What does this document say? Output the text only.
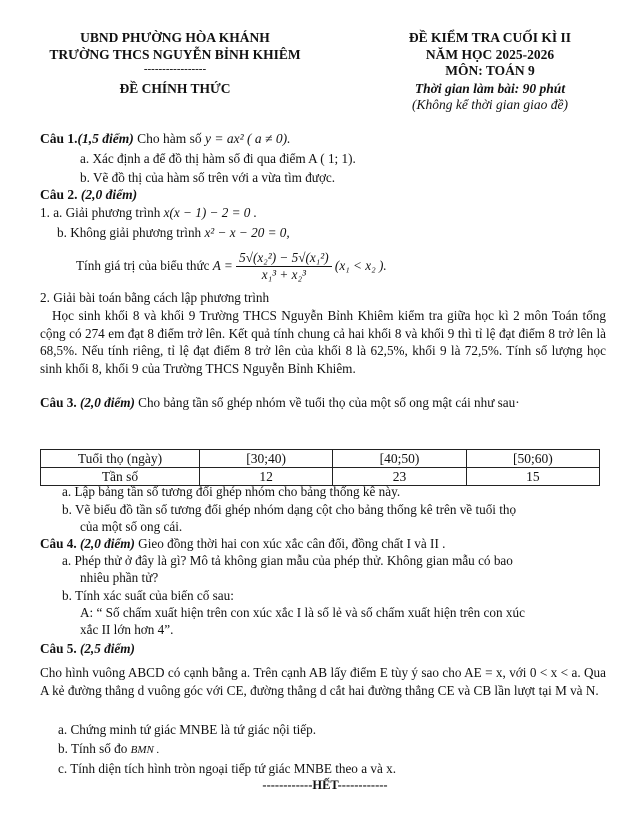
UBND PHƯỜNG HÒA KHÁNH
TRƯỜNG THCS NGUYỄN BỈNH KHIÊM
-----------------
ĐỀ CHÍNH THỨC
ĐỀ KIỂM TRA CUỐI KÌ II
NĂM HỌC 2025-2026
MÔN: TOÁN 9
Thời gian làm bài: 90 phút
(Không kể thời gian giao đề)
Câu 1.(1,5 điểm) Cho hàm số y = ax² ( a ≠ 0).
a. Xác định a để đồ thị hàm số đi qua điểm A ( 1; 1).
b. Vẽ đồ thị của hàm số trên với a vừa tìm được.
Câu 2. (2,0 điểm)
1. a. Giải phương trình x(x − 1) − 2 = 0 .
b. Không giải phương trình x² − x − 20 = 0,
Tính giá trị của biểu thức $A = \frac{\text{5√(x₂²) − 5√(x₁²)}}{\text{x₁³ + x₂³}} (x_1 < x_2$ ).
2. Giải bài toán bằng cách lập phương trình
Học sinh khối 8 và khối 9 Trường THCS Nguyễn Bỉnh Khiêm kiểm tra giữa học kì 2 môn Toán tổng cộng có 274 em đạt 8 điểm trở lên. Kết quả tính chung cả hai khối 8 và khối 9 thì tỉ lệ đạt điểm 8 trở lên là 68,5%. Nếu tính riêng, tỉ lệ đạt điểm 8 trở lên của khối 8 là 62,5%, khối 9 là 72,5%. Tính số lượng học sinh khối 8, khối 9 của Trường THCS Nguyễn Bỉnh Khiêm.
Câu 3. (2,0 điểm) Cho bảng tần số ghép nhóm về tuổi thọ của một số ong mật cái như sau·
Tuổi thọ (ngày)	[30;40)	[40;50)	[50;60)
Tần số	12	23	15
a. Lập bảng tần số tương đối ghép nhóm cho bảng thống kê này.
b. Vẽ biểu đồ tần số tương đối ghép nhóm dạng cột cho bảng thống kê trên về tuổi thọ
của một số ong cái.
Câu 4. (2,0 điểm) Gieo đồng thời hai con xúc xắc cân đối, đồng chất I và II .
a. Phép thử ở đây là gì? Mô tả không gian mẫu của phép thử. Không gian mẫu có bao
nhiêu phần tử?
b. Tính xác suất của biến cố sau:
A: “ Số chấm xuất hiện trên con xúc xắc I là số lẻ và số chấm xuất hiện trên con xúc
xắc II lớn hơn 4”.
Câu 5. (2,5 điểm)
Cho hình vuông ABCD có cạnh bằng a. Trên cạnh AB lấy điểm E tùy ý sao cho AE = x, với 0 < x < a. Qua A kẻ đường thẳng d vuông góc với CE, đường thẳng d cắt hai đường thẳng CE và CB lần lượt tại M và N.
a. Chứng minh tứ giác MNBE là tứ giác nội tiếp.
b. Tính số đo BMN .
c. Tính diện tích hình tròn ngoại tiếp tứ giác MNBE theo a và x.
------------HẾT------------
